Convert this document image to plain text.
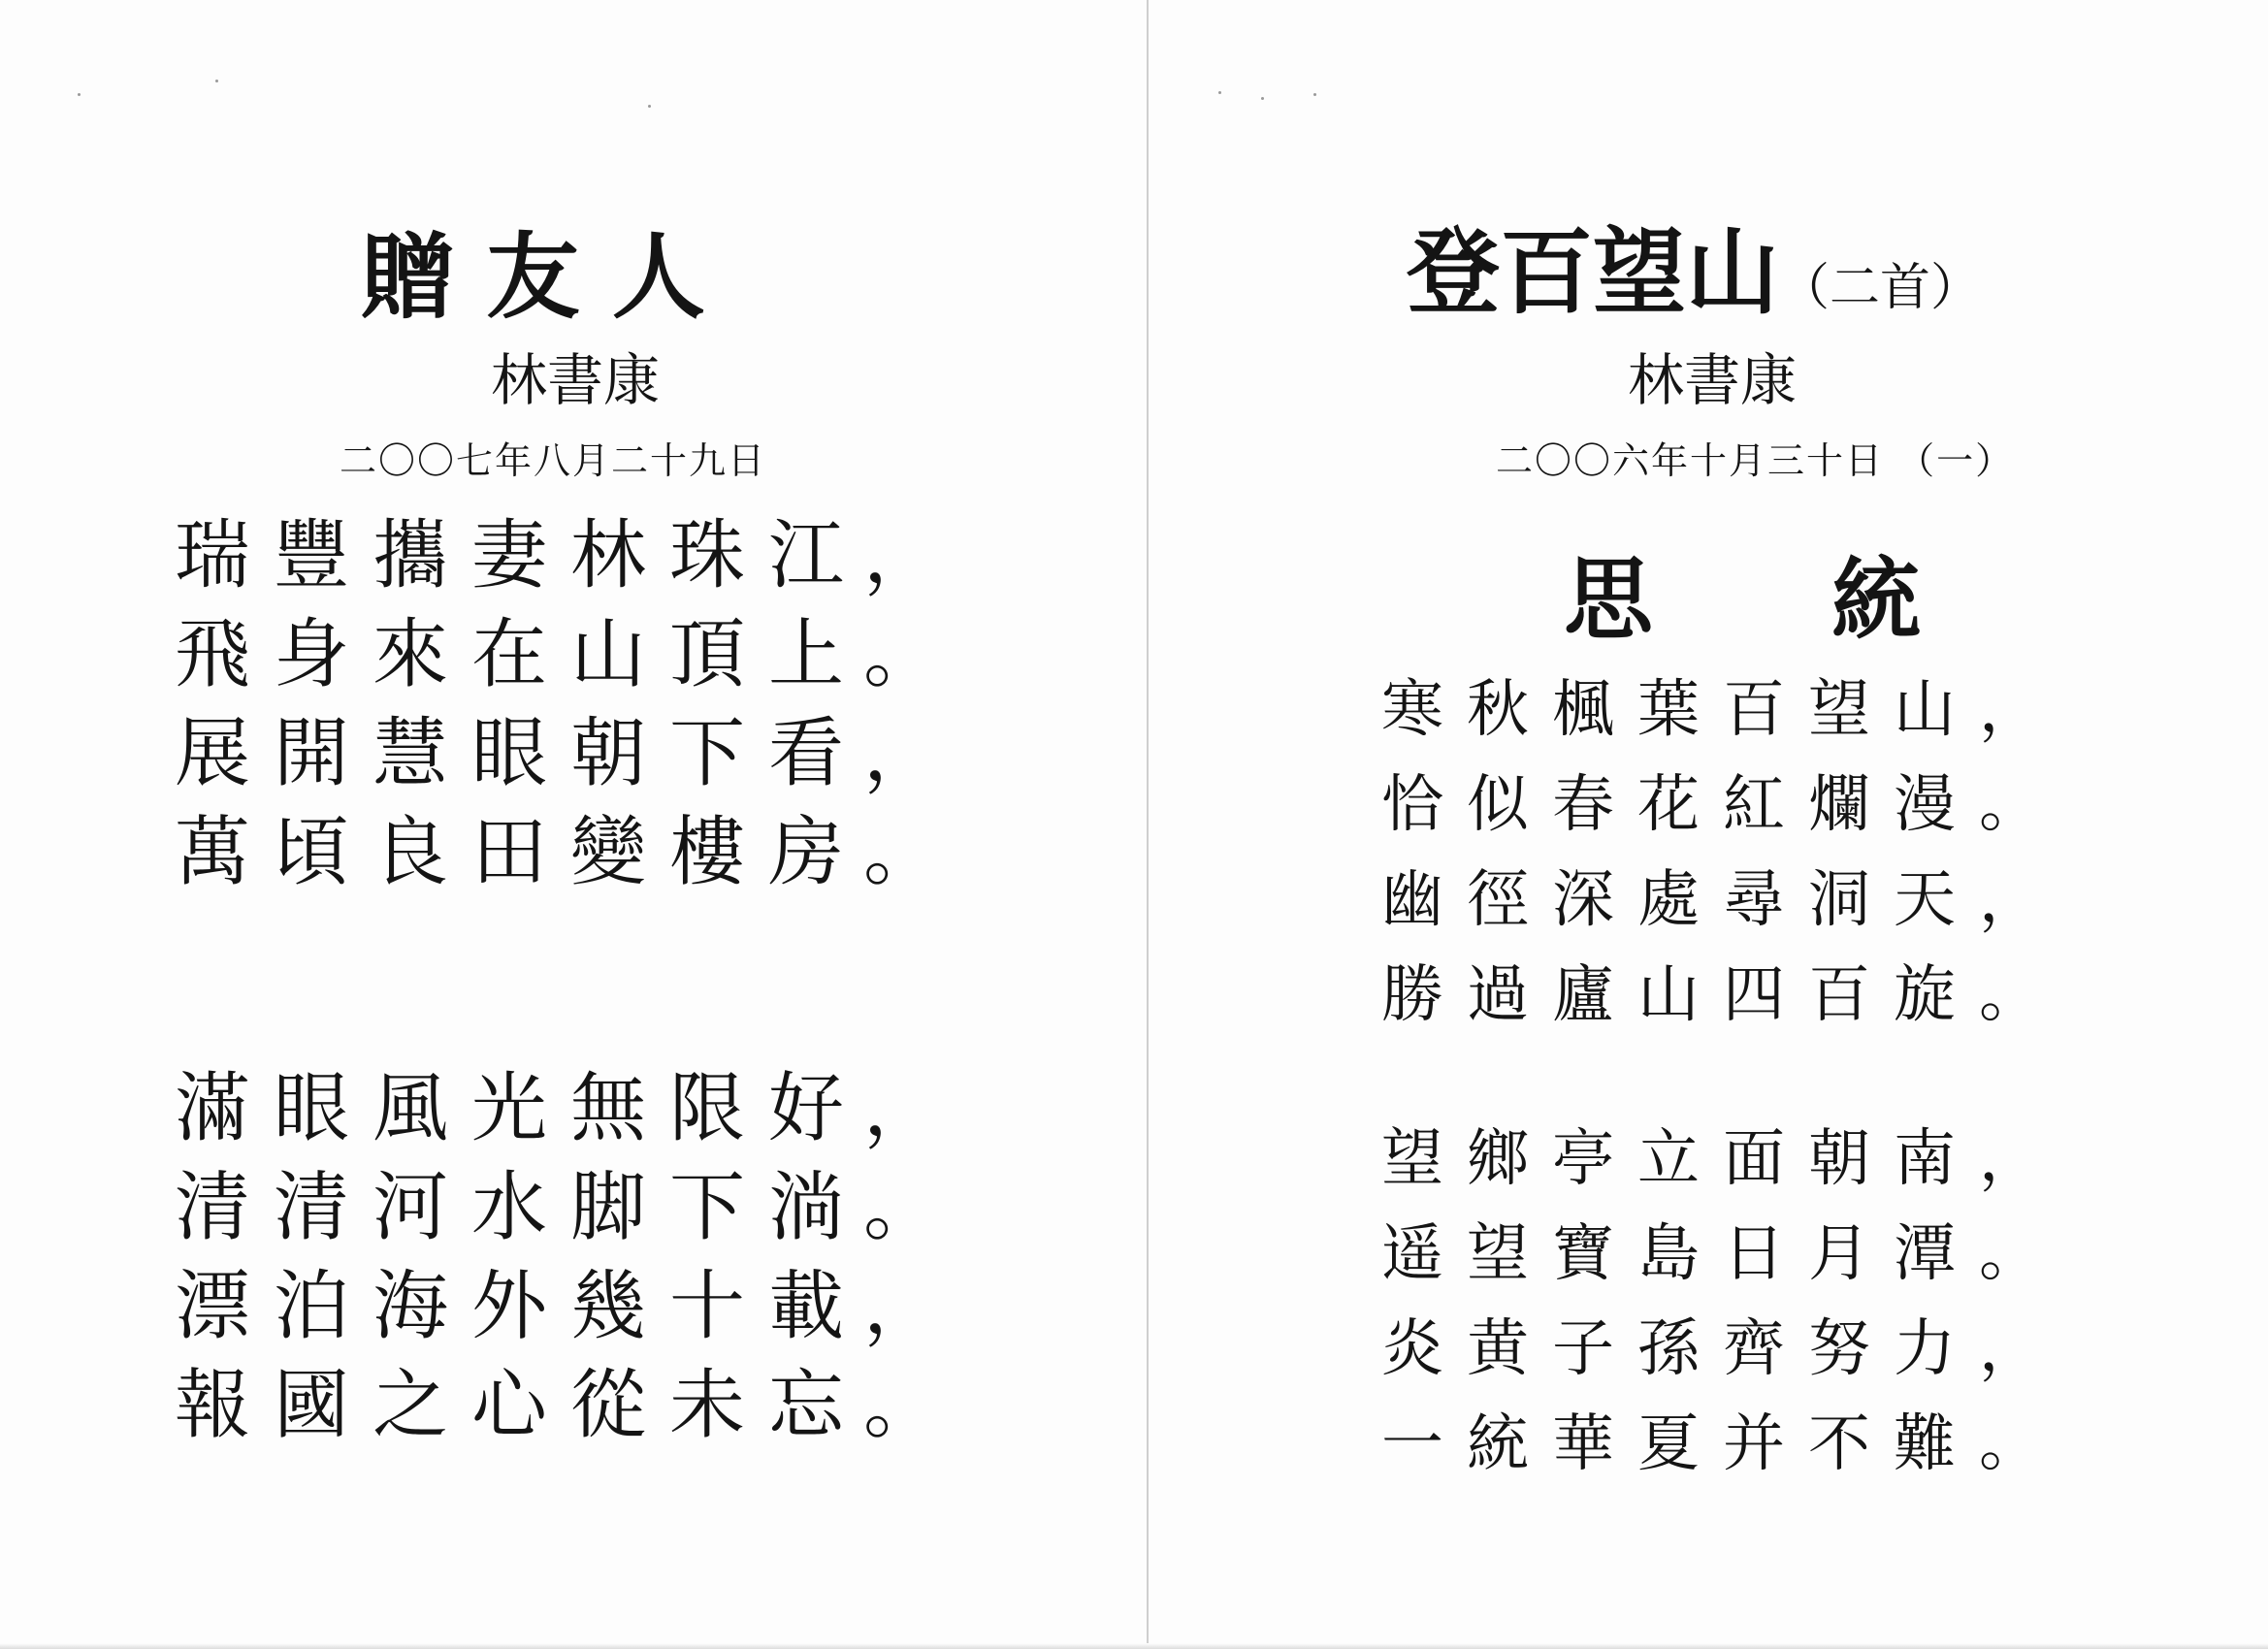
贈 友 人
林書康
二〇〇七年八月二十九日
瑞 豐 攜 妻 林 珠 江 ，
飛 身 來 在 山 頂 上 。
展 開 慧 眼 朝 下 看 ，
萬 頃 良 田 變 樓 房 。
滿 眼 風 光 無 限 好 ，
清 清 河 水 脚 下 淌 。
漂 泊 海 外 幾 十 載 ，
報 國 之 心 從 未 忘 。
登百望山（二首）
林書康
二〇〇六年十月三十日 （一）
思　　統
寒 秋 楓 葉 百 望 山 ，
恰 似 春 花 紅 爛 漫 。
幽 徑 深 處 尋 洞 天 ，
勝 過 廬 山 四 百 旋 。
望 鄉 亭 立 面 朝 南 ，
遥 望 寶 島 日 月 潭 。
炎 黄 子 孫 齊 努 力 ，
一 統 華 夏 并 不 難 。
